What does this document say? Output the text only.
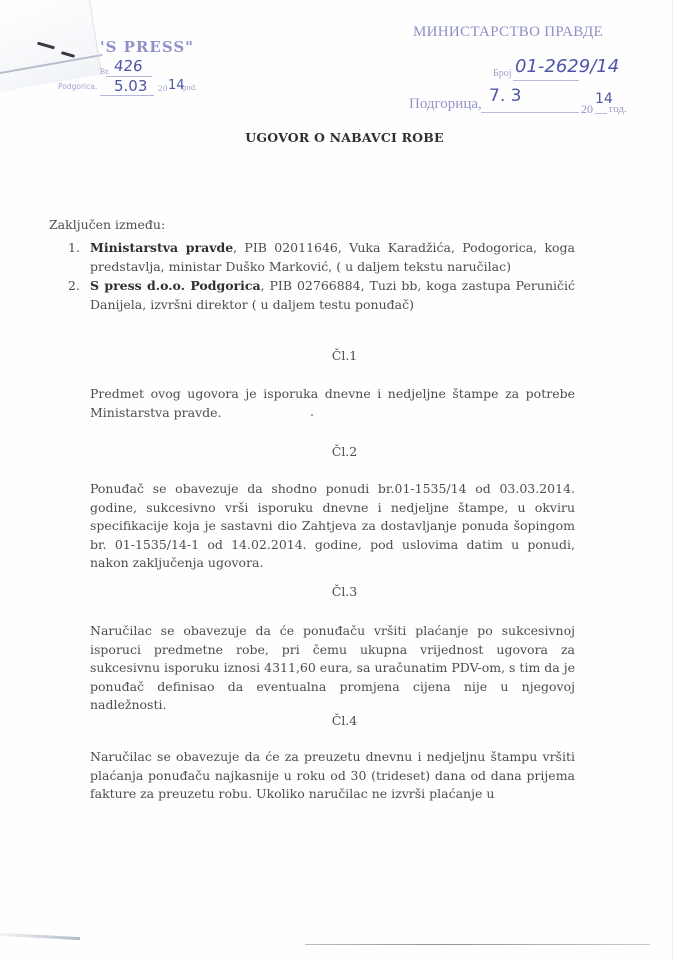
'S PRESS"
Br. 426
Podgorica, 5.03 20 14
god.
МИНИСТАРСТВО ПРАВДЕ
Број 01-2629/14
Подгорица, 7. 3
20
14
год.
UGOVOR O NABAVCI ROBE
Zaključen između:
1. Ministarstva pravde, PIB 02011646, Vuka Karadžića, Podogorica, koga predstavlja, ministar Duško Marković, ( u daljem tekstu naručilac)
2. S press d.o.o. Podgorica, PIB 02766884, Tuzi bb, koga zastupa Peruničić Danijela, izvršni direktor ( u daljem testu ponuđač)
Čl.1
Predmet ovog ugovora je isporuka dnevne i nedjeljne štampe za potrebe Ministarstva pravde.
Čl.2
Ponuđač se obavezuje da shodno ponudi br.01-1535/14 od 03.03.2014. godine, sukcesivno vrši isporuku dnevne i nedjeljne štampe, u okviru specifikacije koja je sastavni dio Zahtjeva za dostavljanje ponuda šopingom br. 01-1535/14-1 od 14.02.2014. godine, pod uslovima datim u ponudi, nakon zaključenja ugovora.
Čl.3
Naručilac se obavezuje da će ponuđaču vršiti plaćanje po sukcesivnoj isporuci predmetne robe, pri čemu ukupna vrijednost ugovora za sukcesivnu isporuku iznosi 4311,60 eura, sa uračunatim PDV-om, s tim da je ponuđač definisao da eventualna promjena cijena nije u njegovoj nadležnosti.
Čl.4
Naručilac se obavezuje da će za preuzetu dnevnu i nedjeljnu štampu vršiti plaćanja ponuđaču najkasnije u roku od 30 (trideset) dana od dana prijema fakture za preuzetu robu. Ukoliko naručilac ne izvrši plaćanje u
